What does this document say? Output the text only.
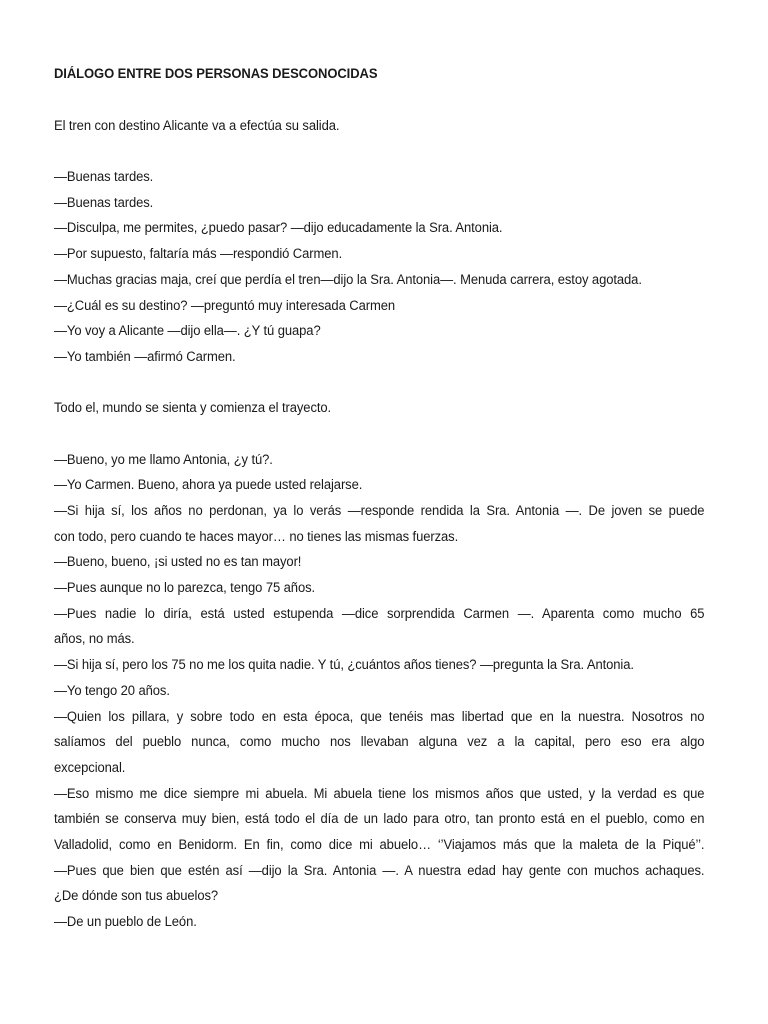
DIÁLOGO ENTRE DOS PERSONAS DESCONOCIDAS

El tren con destino Alicante va a efectúa su salida.

—Buenas tardes.

—Buenas tardes.

—Disculpa, me permites, ¿puedo pasar? —dijo educadamente la Sra. Antonia.

—Por supuesto, faltaría más —respondió Carmen.

—Muchas gracias maja, creí que perdía el tren—dijo la Sra. Antonia—. Menuda carrera, estoy agotada.

—¿Cuál es su destino? —preguntó muy interesada Carmen

—Yo voy a Alicante —dijo ella—. ¿Y tú guapa?

—Yo también —afirmó Carmen.

Todo el, mundo se sienta y comienza el trayecto.

—Bueno, yo me llamo Antonia, ¿y tú?.

—Yo Carmen. Bueno, ahora ya puede usted relajarse.

—Si hija sí, los años no perdonan, ya lo verás —responde rendida la Sra. Antonia —. De joven se puede

con todo, pero cuando te haces mayor… no tienes las mismas fuerzas.

—Bueno, bueno, ¡si usted no es tan mayor!

—Pues aunque no lo parezca, tengo 75 años.

—Pues nadie lo diría, está usted estupenda —dice sorprendida Carmen —. Aparenta como mucho 65

años, no más.

—Si hija sí, pero los 75 no me los quita nadie. Y tú, ¿cuántos años tienes? —pregunta la Sra. Antonia.

—Yo tengo 20 años.

—Quien los pillara, y sobre todo en esta época, que tenéis mas libertad que en la nuestra. Nosotros no

salíamos del pueblo nunca, como mucho nos llevaban alguna vez a la capital, pero eso era algo

excepcional.

—Eso mismo me dice siempre mi abuela. Mi abuela tiene los mismos años que usted, y la verdad es que

también se conserva muy bien, está todo el día de un lado para otro, tan pronto está en el pueblo, como en

Valladolid, como en Benidorm. En fin, como dice mi abuelo… ‘’Viajamos más que la maleta de la Piqué’’.

—Pues que bien que estén así —dijo la Sra. Antonia —. A nuestra edad hay gente con muchos achaques.

¿De dónde son tus abuelos?

—De un pueblo de León.
